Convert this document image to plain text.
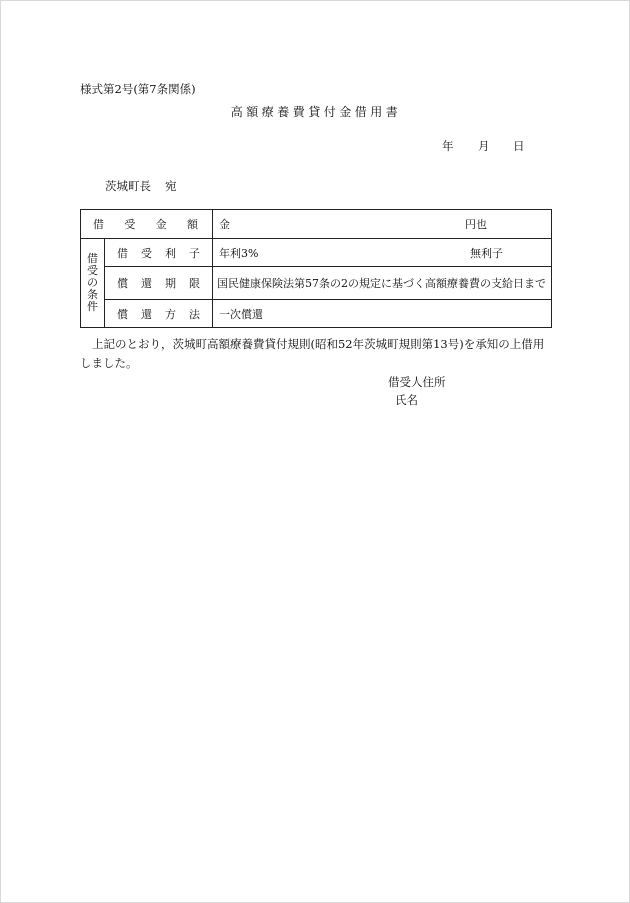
様式第2号(第7条関係)
高額療養費貸付金借用書
年 月 日
茨城町長 宛
借 受 金 額		金 円也

借
受
の
条
件	借 受 利 子	年利3% 無利子

	償 還 期 限	国民健康保険法第57条の2の規定に基づく高額療養費の支給日まで

	償 還 方 法	一次償還
上記のとおり，茨城町高額療養費貸付規則(昭和52年茨城町規則第13号)を承知の上借用しました。
借受人住所
氏名
